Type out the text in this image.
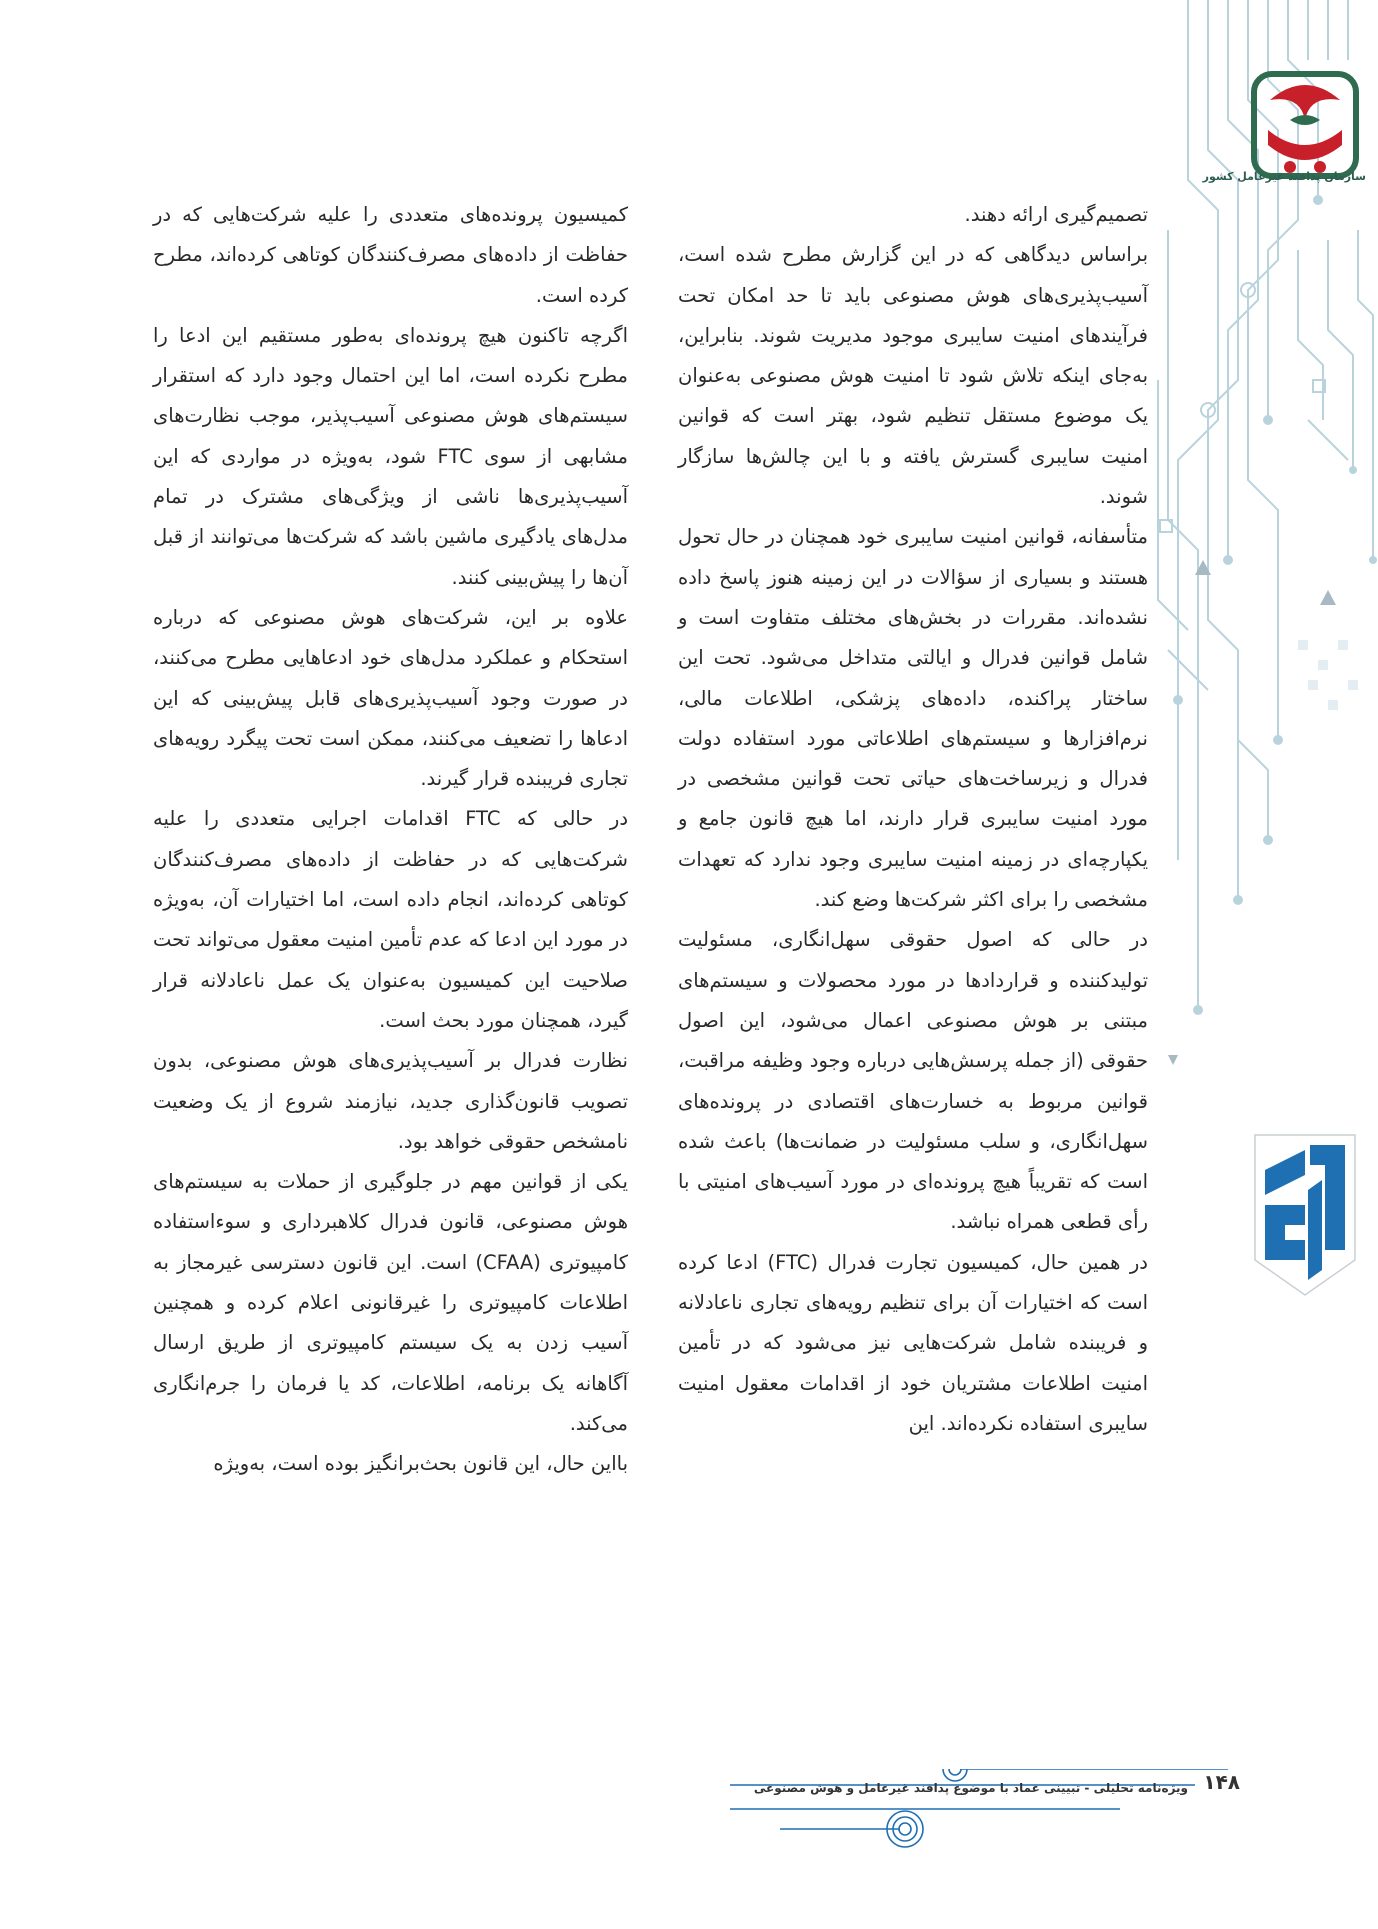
سازمان پدافند غیرعامل کشور

تصمیم‌گیری ارائه دهند.

براساس دیدگاهی که در این گزارش مطرح شده است، آسیب‌پذیری‌های هوش مصنوعی باید تا حد امکان تحت فرآیندهای امنیت سایبری موجود مدیریت شوند. بنابراین، به‌جای اینکه تلاش شود تا امنیت هوش مصنوعی به‌عنوان یک موضوع مستقل تنظیم شود، بهتر است که قوانین امنیت سایبری گسترش یافته و با این چالش‌ها سازگار شوند.

متأسفانه، قوانین امنیت سایبری خود همچنان در حال تحول هستند و بسیاری از سؤالات در این زمینه هنوز پاسخ داده نشده‌اند. مقررات در بخش‌های مختلف متفاوت است و شامل قوانین فدرال و ایالتی متداخل می‌شود. تحت این ساختار پراکنده، داده‌های پزشکی، اطلاعات مالی، نرم‌افزارها و سیستم‌های اطلاعاتی مورد استفاده دولت فدرال و زیرساخت‌های حیاتی تحت قوانین مشخصی در مورد امنیت سایبری قرار دارند، اما هیچ قانون جامع و یکپارچه‌ای در زمینه امنیت سایبری وجود ندارد که تعهدات مشخصی را برای اکثر شرکت‌ها وضع کند.

در حالی که اصول حقوقی سهل‌انگاری، مسئولیت تولیدکننده و قراردادها در مورد محصولات و سیستم‌های مبتنی بر هوش مصنوعی اعمال می‌شود، این اصول حقوقی (از جمله پرسش‌هایی درباره وجود وظیفه مراقبت، قوانین مربوط به خسارت‌های اقتصادی در پرونده‌های سهل‌انگاری، و سلب مسئولیت در ضمانت‌ها) باعث شده است که تقریباً هیچ پرونده‌ای در مورد آسیب‌های امنیتی با رأی قطعی همراه نباشد.

در همین حال، کمیسیون تجارت فدرال (FTC) ادعا کرده است که اختیارات آن برای تنظیم رویه‌های تجاری ناعادلانه و فریبنده شامل شرکت‌هایی نیز می‌شود که در تأمین امنیت اطلاعات مشتریان خود از اقدامات معقول امنیت سایبری استفاده نکرده‌اند. این

کمیسیون پرونده‌های متعددی را علیه شرکت‌هایی که در حفاظت از داده‌های مصرف‌کنندگان کوتاهی کرده‌اند، مطرح کرده است.

اگرچه تاکنون هیچ پرونده‌ای به‌طور مستقیم این ادعا را مطرح نکرده است، اما این احتمال وجود دارد که استقرار سیستم‌های هوش مصنوعی آسیب‌پذیر، موجب نظارت‌های مشابهی از سوی FTC شود، به‌ویژه در مواردی که این آسیب‌پذیری‌ها ناشی از ویژگی‌های مشترک در تمام مدل‌های یادگیری ماشین باشد که شرکت‌ها می‌توانند از قبل آن‌ها را پیش‌بینی کنند.

علاوه بر این، شرکت‌های هوش مصنوعی که درباره استحکام و عملکرد مدل‌های خود ادعاهایی مطرح می‌کنند، در صورت وجود آسیب‌پذیری‌های قابل پیش‌بینی که این ادعاها را تضعیف می‌کنند، ممکن است تحت پیگرد رویه‌های تجاری فریبنده قرار گیرند.

در حالی که FTC اقدامات اجرایی متعددی را علیه شرکت‌هایی که در حفاظت از داده‌های مصرف‌کنندگان کوتاهی کرده‌اند، انجام داده است، اما اختیارات آن، به‌ویژه در مورد این ادعا که عدم تأمین امنیت معقول می‌تواند تحت صلاحیت این کمیسیون به‌عنوان یک عمل ناعادلانه قرار گیرد، همچنان مورد بحث است.

نظارت فدرال بر آسیب‌پذیری‌های هوش مصنوعی، بدون تصویب قانون‌گذاری جدید، نیازمند شروع از یک وضعیت نامشخص حقوقی خواهد بود.

یکی از قوانین مهم در جلوگیری از حملات به سیستم‌های هوش مصنوعی، قانون فدرال کلاهبرداری و سوءاستفاده کامپیوتری (CFAA) است. این قانون دسترسی غیرمجاز به اطلاعات کامپیوتری را غیرقانونی اعلام کرده و همچنین آسیب زدن به یک سیستم کامپیوتری از طریق ارسال آگاهانه یک برنامه، اطلاعات، کد یا فرمان را جرم‌انگاری می‌کند.

بااین حال، این قانون بحث‌برانگیز بوده است، به‌ویژه

ویژه‌نامه تحلیلی - تبیینی عماد با موضوع پدافند غیرعامل و هوش مصنوعی ۱۴۸
